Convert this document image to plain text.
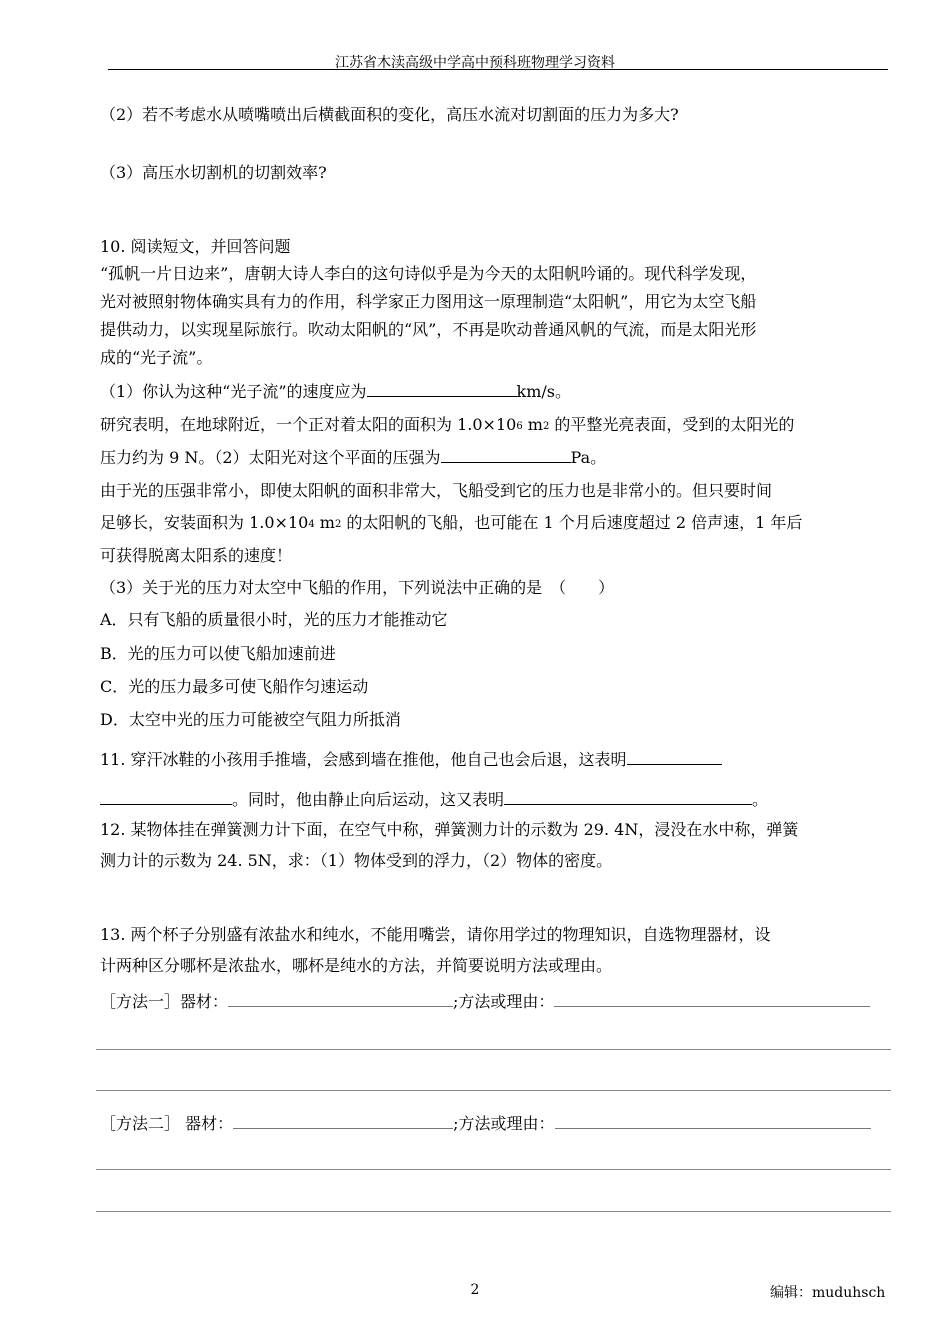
江苏省木渎高级中学高中预科班物理学习资料
（2）若不考虑水从喷嘴喷出后横截面积的变化，高压水流对切割面的压力为多大?
（3）高压水切割机的切割效率?
10. 阅读短文，并回答问题
“孤帆一片日边来”，唐朝大诗人李白的这句诗似乎是为今天的太阳帆吟诵的。现代科学发现，
光对被照射物体确实具有力的作用，科学家正力图用这一原理制造“太阳帆”，用它为太空飞船
提供动力，以实现星际旅行。吹动太阳帆的“风”，不再是吹动普通风帆的气流，而是太阳光形
成的“光子流”。
（1）你认为这种“光子流”的速度应为	km/s。
研究表明，在地球附近，一个正对着太阳的面积为 1.0×106 m2 的平整光亮表面，受到的太阳光的
压力约为 9 N。（2）太阳光对这个平面的压强为	Pa。
由于光的压强非常小，即使太阳帆的面积非常大，飞船受到它的压力也是非常小的。但只要时间
足够长，安装面积为 1.0×104 m2 的太阳帆的飞船，也可能在 1 个月后速度超过 2 倍声速，1 年后
可获得脱离太阳系的速度！
（3）关于光的压力对太空中飞船的作用，下列说法中正确的是　（　　）
A．只有飞船的质量很小时，光的压力才能推动它
B．光的压力可以使飞船加速前进
C．光的压力最多可使飞船作匀速运动
D．太空中光的压力可能被空气阻力所抵消
11. 穿汗冰鞋的小孩用手推墙，会感到墙在推他，他自己也会后退，这表明
。同时，他由静止向后运动，这又表明	。
12. 某物体挂在弹簧测力计下面，在空气中称，弹簧测力计的示数为 29. 4N，浸没在水中称，弹簧
测力计的示数为 24. 5N，求：（1）物体受到的浮力，（2）物体的密度。
13. 两个杯子分别盛有浓盐水和纯水，不能用嘴尝，请你用学过的物理知识，自选物理器材，设
计两种区分哪杯是浓盐水，哪杯是纯水的方法，并简要说明方法或理由。
［方法一］器材：	;方法或理由：
［方法二］ 器材：	;方法或理由：
2	编辑：muduhsch
